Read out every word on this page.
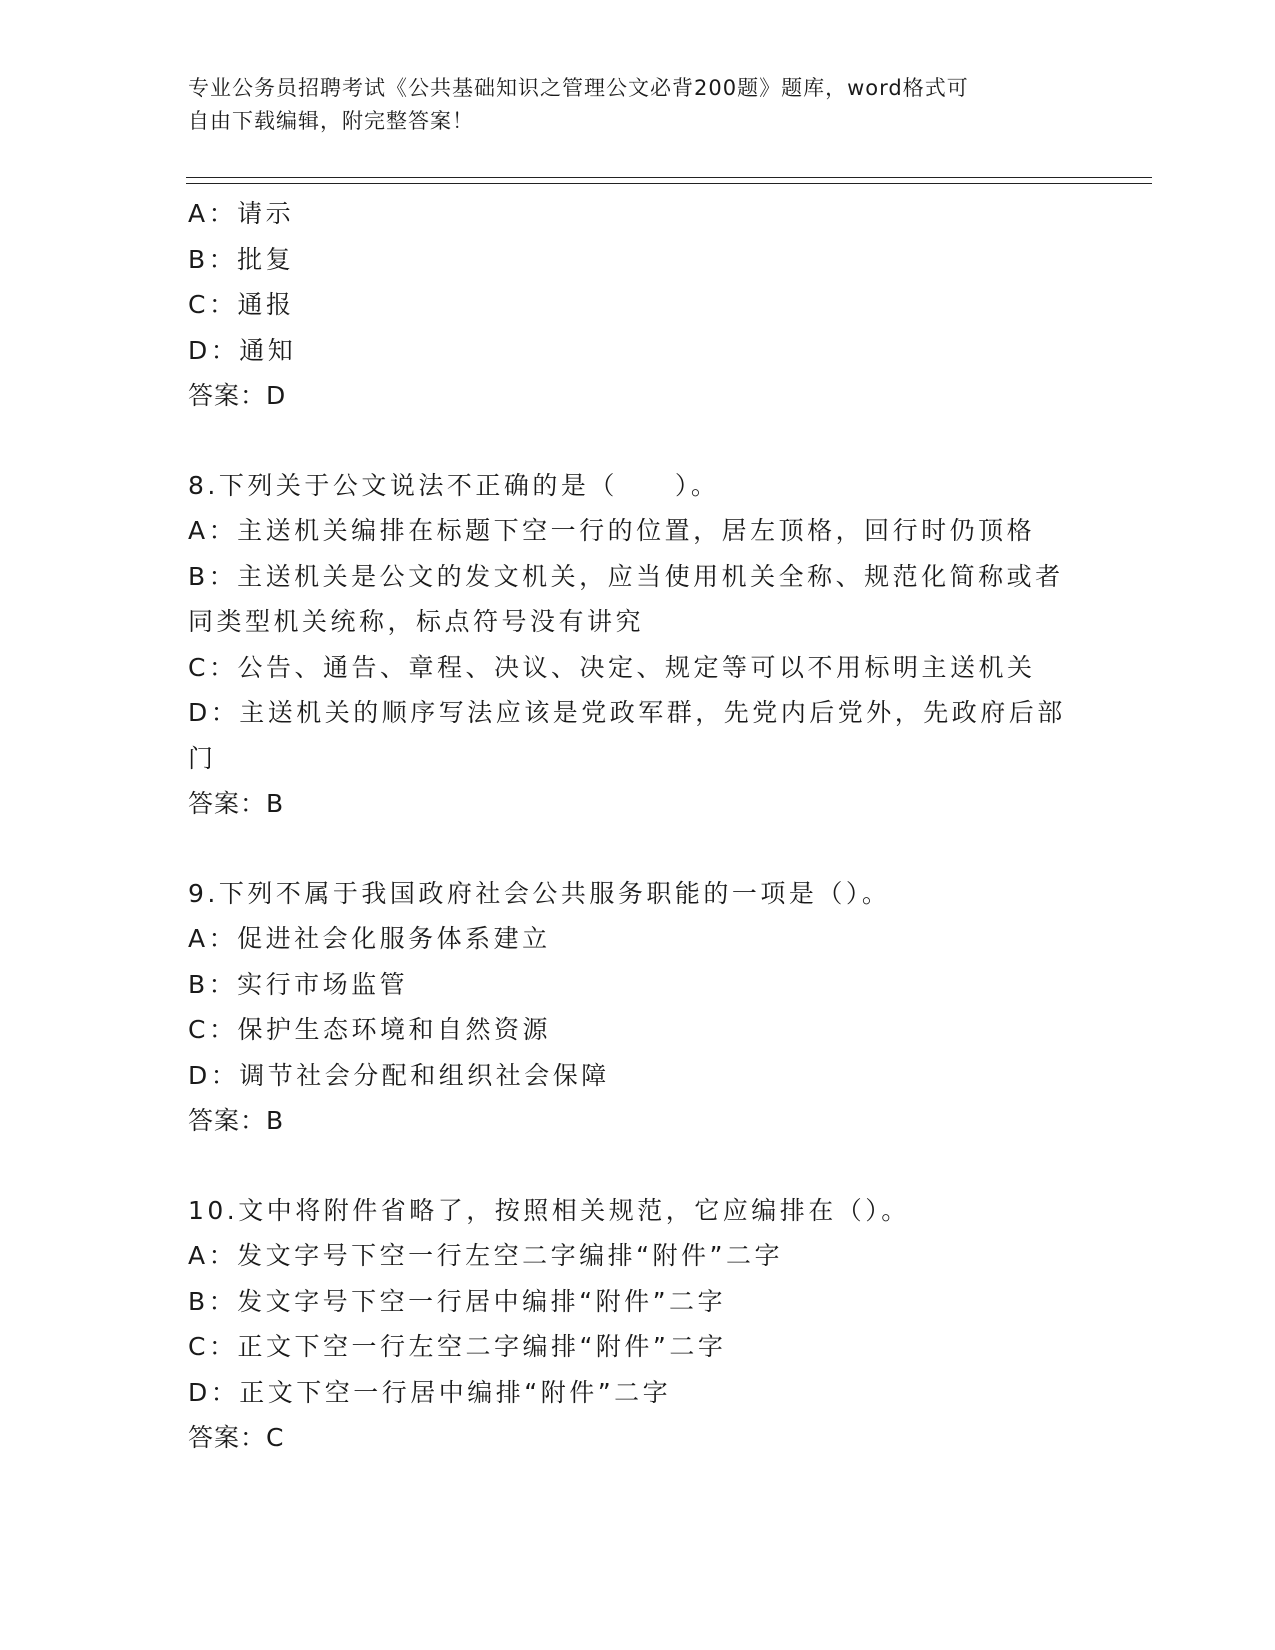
专业公务员招聘考试《公共基础知识之管理公文必背200题》题库，word格式可
自由下载编辑，附完整答案！
A：请示
B：批复
C：通报
D：通知
答案：D
8.下列关于公文说法不正确的是（　　）。
A：主送机关编排在标题下空一行的位置，居左顶格，回行时仍顶格
B：主送机关是公文的发文机关，应当使用机关全称、规范化简称或者
同类型机关统称，标点符号没有讲究
C：公告、通告、章程、决议、决定、规定等可以不用标明主送机关
D：主送机关的顺序写法应该是党政军群，先党内后党外，先政府后部
门
答案：B
9.下列不属于我国政府社会公共服务职能的一项是（）。
A：促进社会化服务体系建立
B：实行市场监管
C：保护生态环境和自然资源
D：调节社会分配和组织社会保障
答案：B
10.文中将附件省略了，按照相关规范，它应编排在（）。
A：发文字号下空一行左空二字编排“附件”二字
B：发文字号下空一行居中编排“附件”二字
C：正文下空一行左空二字编排“附件”二字
D：正文下空一行居中编排“附件”二字
答案：C
